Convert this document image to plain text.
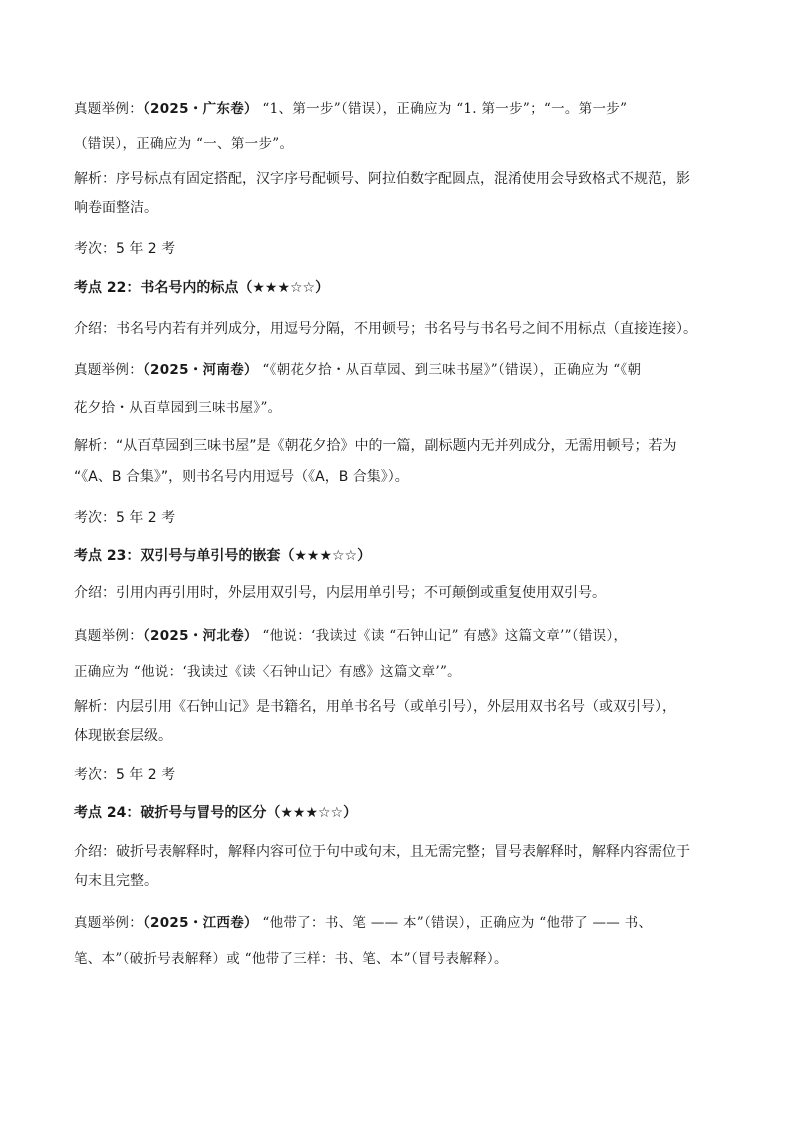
真题举例：（2025・广东卷） “1、第一步”（错误），正确应为 “1. 第一步”；“一。第一步”

（错误），正确应为 “一、第一步”。

解析：序号标点有固定搭配，汉字序号配顿号、阿拉伯数字配圆点，混淆使用会导致格式不规范，影

响卷面整洁。

考次：5 年 2 考

考点 22：书名号内的标点（★★★☆☆）

介绍：书名号内若有并列成分，用逗号分隔，不用顿号；书名号与书名号之间不用标点（直接连接）。

真题举例：（2025・河南卷） “《朝花夕拾・从百草园、到三味书屋》”（错误），正确应为 “《朝

花夕拾・从百草园到三味书屋》”。

解析：“从百草园到三味书屋”是《朝花夕拾》中的一篇，副标题内无并列成分，无需用顿号；若为

“《A、B 合集》”，则书名号内用逗号（《A，B 合集》）。

考次：5 年 2 考

考点 23：双引号与单引号的嵌套（★★★☆☆）

介绍：引用内再引用时，外层用双引号，内层用单引号；不可颠倒或重复使用双引号。

真题举例：（2025・河北卷） “他说：‘我读过《读 “石钟山记” 有感》这篇文章’”（错误），

正确应为 “他说：‘我读过《读〈石钟山记〉有感》这篇文章’”。

解析：内层引用《石钟山记》是书籍名，用单书名号（或单引号），外层用双书名号（或双引号），

体现嵌套层级。

考次：5 年 2 考

考点 24：破折号与冒号的区分（★★★☆☆）

介绍：破折号表解释时，解释内容可位于句中或句末，且无需完整；冒号表解释时，解释内容需位于

句末且完整。

真题举例：（2025・江西卷） “他带了：书、笔 —— 本”（错误），正确应为 “他带了 —— 书、

笔、本”（破折号表解释）或 “他带了三样：书、笔、本”（冒号表解释）。
